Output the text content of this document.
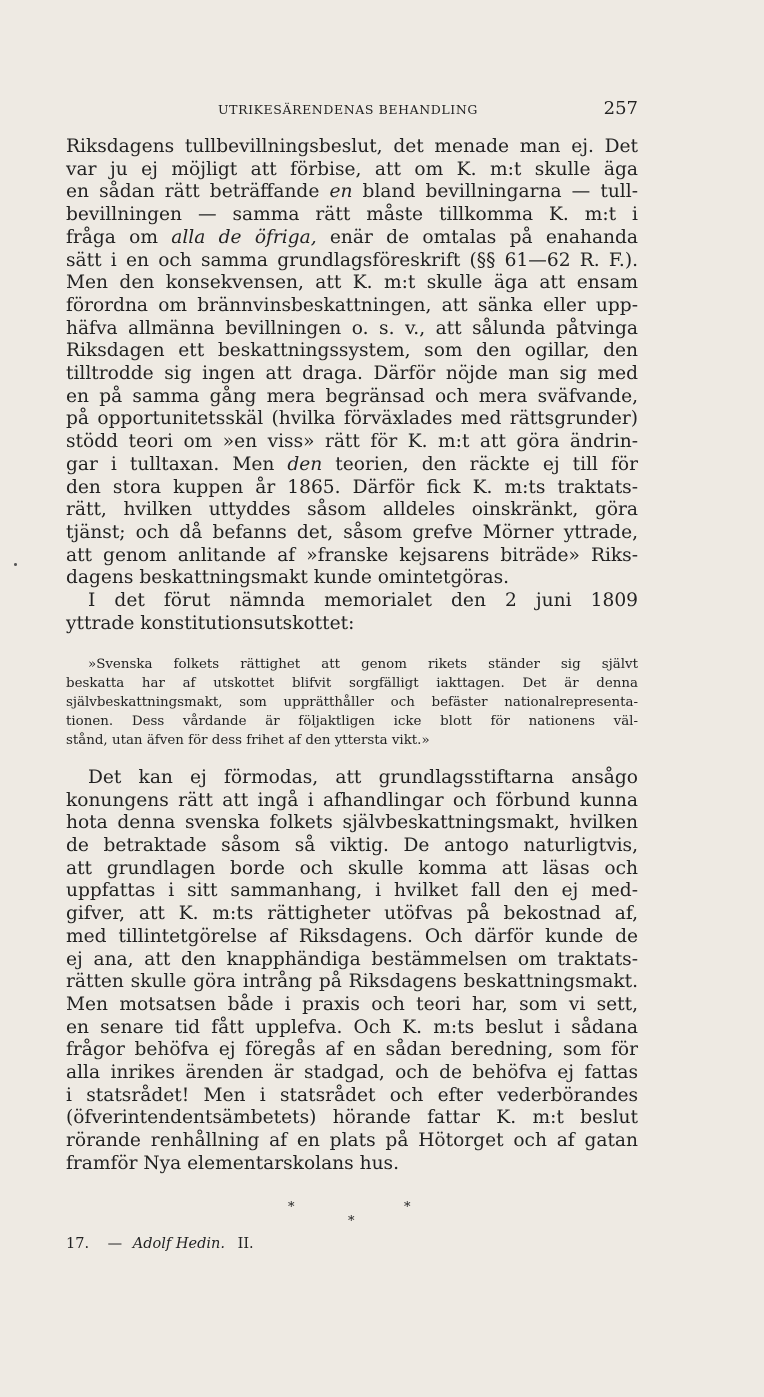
UTRIKESÄRENDENAS BEHANDLING	257
Riksdagens tullbevillningsbeslut, det menade man ej. Det
var ju ej möjligt att förbise, att om K. m:t skulle äga
en sådan rätt beträffande en bland bevillningarna — tull-
bevillningen — samma rätt måste tillkomma K. m:t i
fråga om alla de öfriga, enär de omtalas på enahanda
sätt i en och samma grundlagsföreskrift (§§ 61—62 R. F.).
Men den konsekvensen, att K. m:t skulle äga att ensam
förordna om brännvinsbeskattningen, att sänka eller upp-
häfva allmänna bevillningen o. s. v., att sålunda påtvinga
Riksdagen ett beskattningssystem, som den ogillar, den
tilltrodde sig ingen att draga. Därför nöjde man sig med
en på samma gång mera begränsad och mera sväfvande,
på opportunitetsskäl (hvilka förväxlades med rättsgrunder)
stödd teori om »en viss» rätt för K. m:t att göra ändrin-
gar i tulltaxan. Men den teorien, den räckte ej till för
den stora kuppen år 1865. Därför fick K. m:ts traktats-
rätt, hvilken uttyddes såsom alldeles oinskränkt, göra
tjänst; och då befanns det, såsom grefve Mörner yttrade,
att genom anlitande af »franske kejsarens biträde» Riks-
dagens beskattningsmakt kunde omintetgöras.
I det förut nämnda memorialet den 2 juni 1809
yttrade konstitutionsutskottet:
»Svenska folkets rättighet att genom rikets ständer sig självt
beskatta har af utskottet blifvit sorgfälligt iakttagen. Det är denna
självbeskattningsmakt, som upprätthåller och befäster nationalrepresenta-
tionen. Dess vårdande är följaktligen icke blott för nationens väl-
stånd, utan äfven för dess frihet af den yttersta vikt.»
Det kan ej förmodas, att grundlagsstiftarna ansågo
konungens rätt att ingå i afhandlingar och förbund kunna
hota denna svenska folkets självbeskattningsmakt, hvilken
de betraktade såsom så viktig. De antogo naturligtvis,
att grundlagen borde och skulle komma att läsas och
uppfattas i sitt sammanhang, i hvilket fall den ej med-
gifver, att K. m:ts rättigheter utöfvas på bekostnad af,
med tillintetgörelse af Riksdagens. Och därför kunde de
ej ana, att den knapphändiga bestämmelsen om traktats-
rätten skulle göra intrång på Riksdagens beskattningsmakt.
Men motsatsen både i praxis och teori har, som vi sett,
en senare tid fått upplefva. Och K. m:ts beslut i sådana
frågor behöfva ej föregås af en sådan beredning, som för
alla inrikes ärenden är stadgad, och de behöfva ej fattas
i statsrådet! Men i statsrådet och efter vederbörandes
(öfverintendentsämbetets) hörande fattar K. m:t beslut
rörande renhållning af en plats på Hötorget och af gatan
framför Nya elementarskolans hus.
*
*
*
17. — Adolf Hedin. II.
